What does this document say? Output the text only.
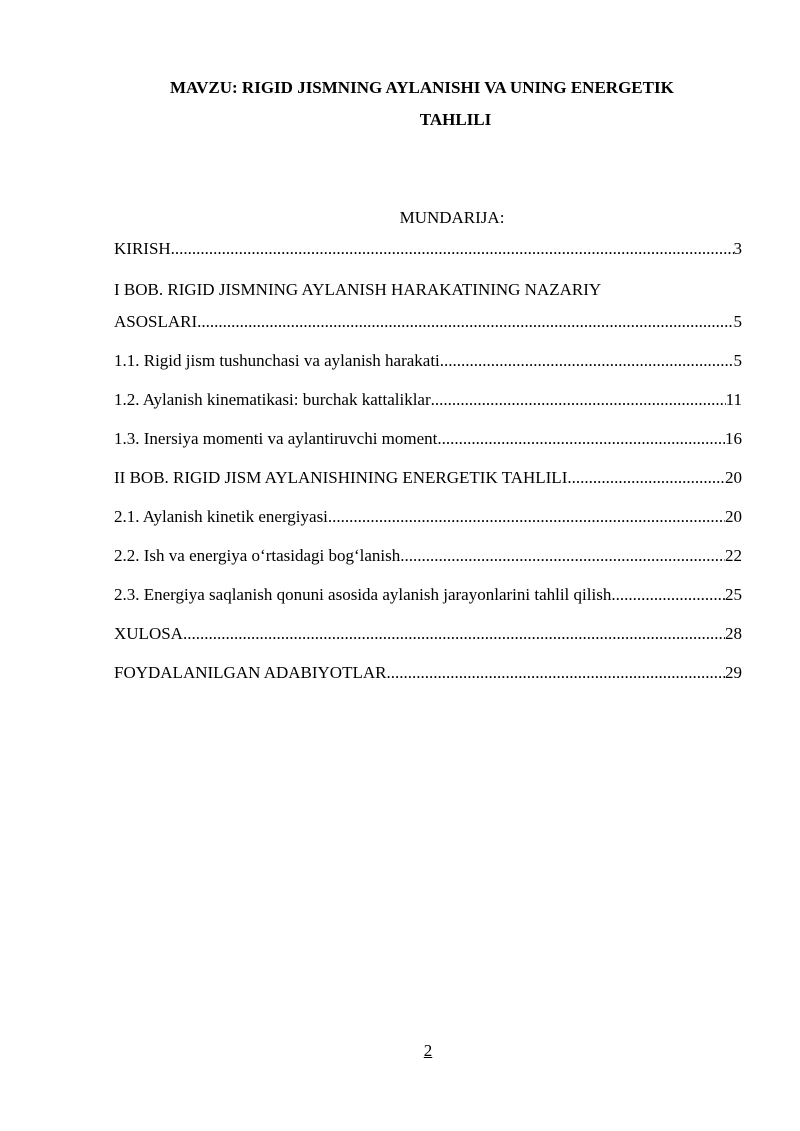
MAVZU: RIGID JISMNING AYLANISHI VA UNING ENERGETIK
TAHLILI
MUNDARIJA:
KIRISH .....	3
I BOB. RIGID JISMNING AYLANISH HARAKATINING NAZARIY
ASOSLARI .....	5
1.1. Rigid jism tushunchasi va aylanish harakati .....	5
1.2. Aylanish kinematikasi: burchak kattaliklar .....	11
1.3. Inersiya momenti va aylantiruvchi moment .....	16
II BOB. RIGID JISM AYLANISHINING ENERGETIK TAHLILI .....	20
2.1. Aylanish kinetik energiyasi .....	20
2.2. Ish va energiya o‘rtasidagi bog‘lanish .....	22
2.3. Energiya saqlanish qonuni asosida aylanish jarayonlarini tahlil qilish .....	25
XULOSA .....	28
FOYDALANILGAN ADABIYOTLAR .....	29
2
